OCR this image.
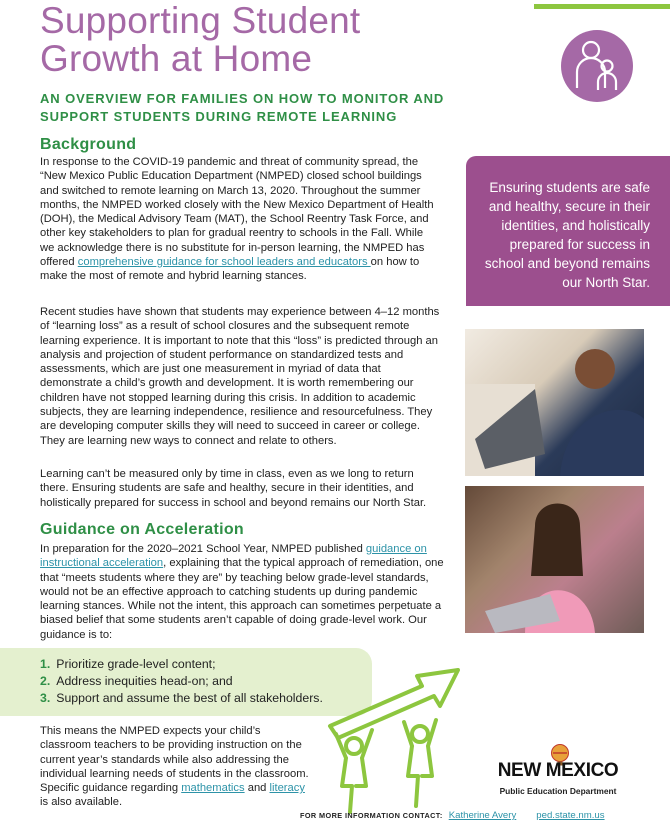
Supporting Student
Growth at Home

AN OVERVIEW FOR FAMILIES ON HOW TO MONITOR AND
SUPPORT STUDENTS DURING REMOTE LEARNING

Background

In response to the COVID-19 pandemic and threat of community spread, the “New Mexico Public Education Department (NMPED) closed school buildings and switched to remote learning on March 13, 2020. Throughout the summer months, the NMPED worked closely with the New Mexico Department of Health (DOH), the Medical Advisory Team (MAT), the School Reentry Task Force, and other key stakeholders to plan for gradual reentry to schools in the Fall. While we acknowledge there is no substitute for in-person learning, the NMPED has offered comprehensive guidance for school leaders and educators on how to make the most of remote and hybrid learning stances.

Recent studies have shown that students may experience between 4–12 months of “learning loss” as a result of school closures and the subsequent remote learning experience. It is important to note that this “loss” is predicted through an analysis and projection of student performance on standardized tests and assessments, which are just one measurement in myriad of data that demonstrate a child’s growth and development. It is worth remembering our children have not stopped learning during this crisis. In addition to academic subjects, they are learning independence, resilience and resourcefulness. They are developing computer skills they will need to succeed in career or college. They are learning new ways to connect and relate to others.

Learning can’t be measured only by time in class, even as we long to return there. Ensuring students are safe and healthy, secure in their identities, and holistically prepared for success in school and beyond remains our North Star.

Ensuring students are safe and healthy, secure in their identities, and holistically prepared for success in school and beyond remains our North Star.

Guidance on Acceleration

In preparation for the 2020–2021 School Year, NMPED published guidance on instructional acceleration, explaining that the typical approach of remediation, one that “meets students where they are” by teaching below grade-level standards, would not be an effective approach to catching students up during pandemic learning stances. While not the intent, this approach can sometimes perpetuate a biased belief that some students aren’t capable of doing grade-level work. Our guidance is to:

1. Prioritize grade-level content;
2. Address inequities head-on; and
3. Support and assume the best of all stakeholders.

This means the NMPED expects your child’s classroom teachers to be providing instruction on the current year’s standards while also addressing the individual learning needs of students in the classroom. Specific guidance regarding mathematics and literacy is also available.

NEW MEXICO
Public Education Department
FOR MORE INFORMATION CONTACT: Katherine Avery ped.state.nm.us
